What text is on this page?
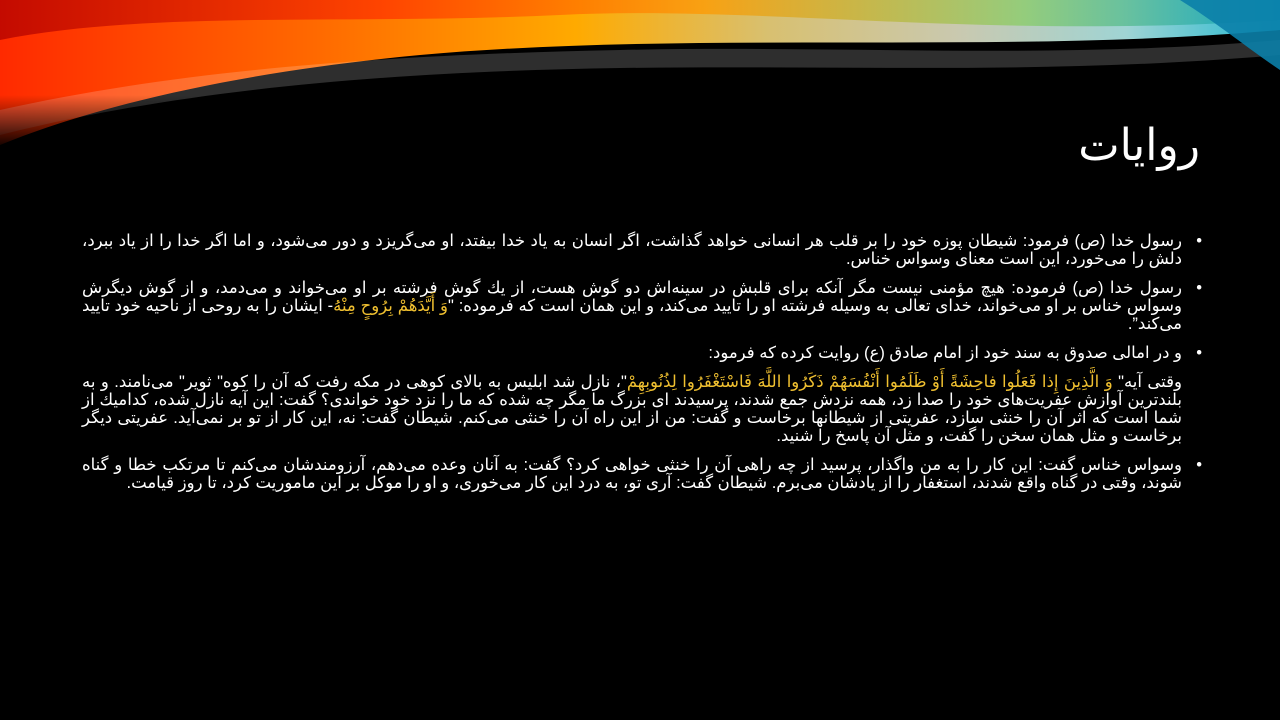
روایات
•
رسول خدا (ص) فرمود: شیطان پوزه خود را بر قلب هر انسانی خواهد گذاشت، اگر انسان به یاد خدا بیفتد، او می‌گریزد و دور می‌شود، و اما اگر خدا را از یاد ببرد، دلش را می‌خورد، این است معنای وسواس خناس.
•
رسول خدا (ص) فرموده: هیچ مؤمنی نیست مگر آنکه برای قلبش در سینه‌اش دو گوش هست، از یك گوش فرشته بر او می‌خواند و می‌دمد، و از گوش دیگرش وسواس خناس بر او می‌خواند، خدای تعالی به وسیله فرشته او را تایید می‌کند، و این همان است كه فرموده: "وَ أَيَّدَهُمْ بِرُوحٍ مِنْهُ- ایشان را به روحی از ناحیه خود تایید می‌کند”.
•
و در امالی صدوق به سند خود از امام صادق (ع) روایت کرده که فرمود:
وقتی آیه" وَ الَّذِينَ إِذا فَعَلُوا فاحِشَةً أَوْ ظَلَمُوا أَنْفُسَهُمْ ذَكَرُوا اللَّهَ فَاسْتَغْفَرُوا لِذُنُوبِهِمْ"، نازل شد ابلیس به بالای کوهی در مکه رفت که آن را کوه" ثویر" می‌نامند. و به بلندترین آوازش عفریت‌های خود را صدا زد، همه نزدش جمع شدند، پرسیدند ای بزرگ ما مگر چه شده که ما را نزد خود خواندی؟ گفت: این آیه نازل شده، کدامیك از شما است که اثر آن را خنثی سازد، عفریتی از شیطانها برخاست و گفت: من از این راه آن را خنثی می‌کنم. شیطان گفت: نه، این کار از تو بر نمی‌آید. عفریتی دیگر برخاست و مثل همان سخن را گفت، و مثل آن پاسخ را شنید.
•
وسواس خناس گفت: این کار را به من واگذار، پرسید از چه راهی آن را خنثی خواهی کرد؟ گفت: به آنان وعده می‌دهم، آرزومندشان می‌کنم تا مرتکب خطا و گناه شوند، وقتی در گناه واقع شدند، استغفار را از یادشان می‌برم. شیطان گفت: آری تو، به درد این کار می‌خوری، و او را موکل بر این ماموریت کرد، تا روز قیامت.
